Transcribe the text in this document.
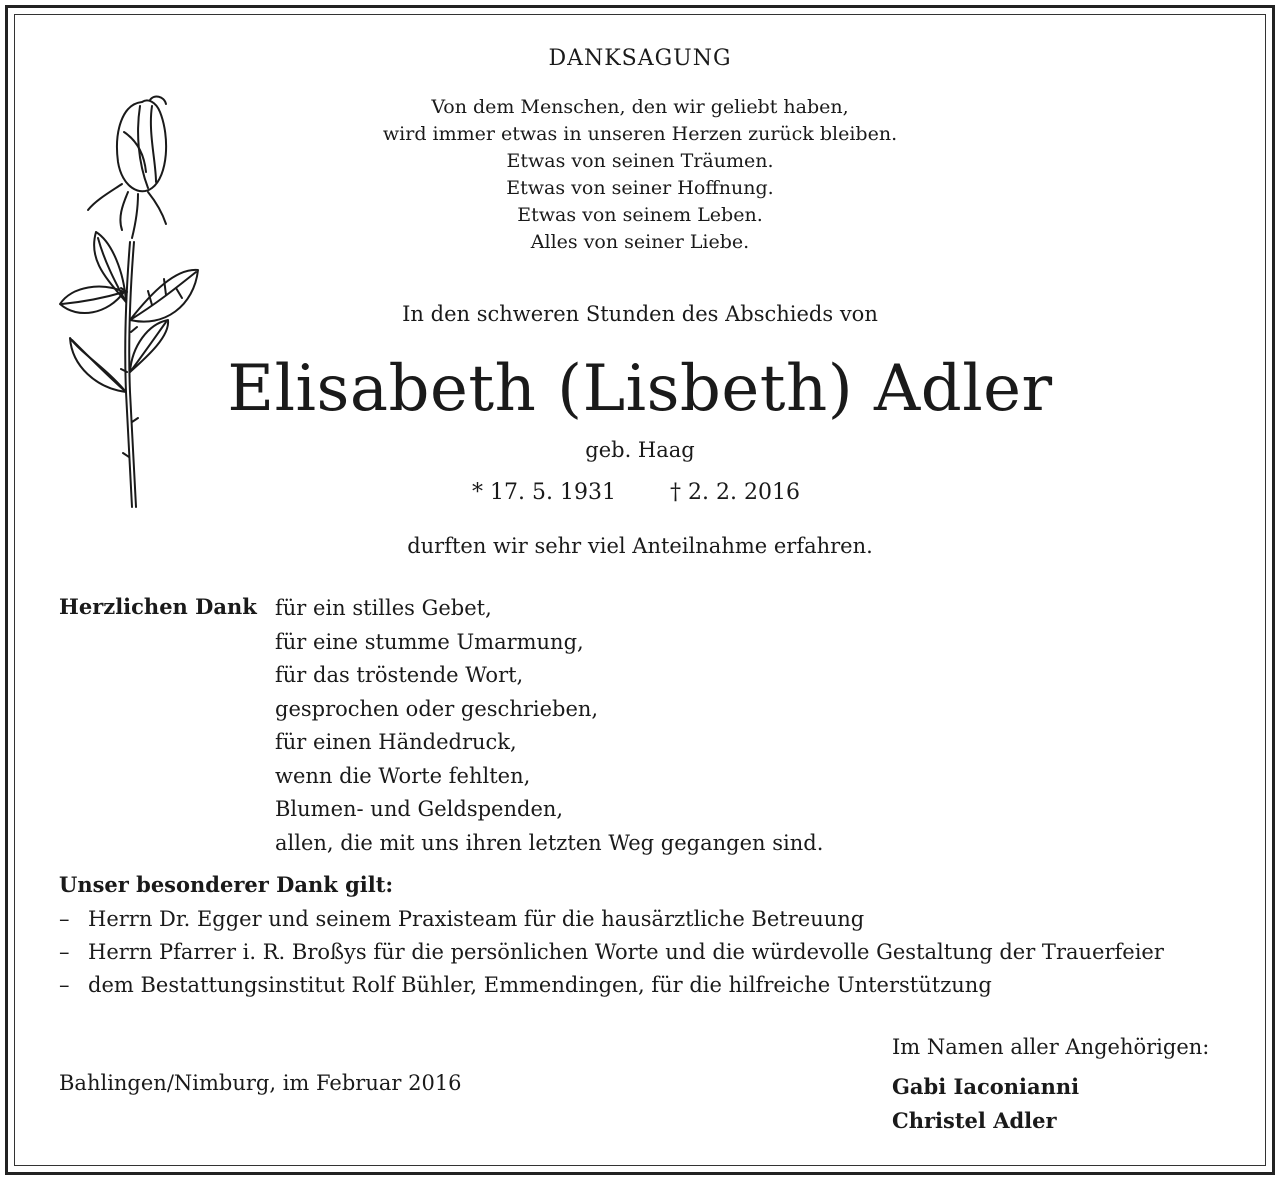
DANKSAGUNG
Von dem Menschen, den wir geliebt haben,
wird immer etwas in unseren Herzen zurück bleiben.
Etwas von seinen Träumen.
Etwas von seiner Hoffnung.
Etwas von seinem Leben.
Alles von seiner Liebe.
In den schweren Stunden des Abschieds von
Elisabeth (Lisbeth) Adler
geb. Haag
* 17. 5. 1931 † 2. 2. 2016
durften wir sehr viel Anteilnahme erfahren.
Herzlichen Dank für ein stilles Gebet,
für eine stumme Umarmung,
für das tröstende Wort,
gesprochen oder geschrieben,
für einen Händedruck,
wenn die Worte fehlten,
Blumen- und Geldspenden,
allen, die mit uns ihren letzten Weg gegangen sind.
Unser besonderer Dank gilt:
– Herrn Dr. Egger und seinem Praxisteam für die hausärztliche Betreuung
– Herrn Pfarrer i. R. Broßys für die persönlichen Worte und die würdevolle Gestaltung der Trauerfeier
– dem Bestattungsinstitut Rolf Bühler, Emmendingen, für die hilfreiche Unterstützung
Im Namen aller Angehörigen:
Bahlingen/Nimburg, im Februar 2016	Gabi Iaconianni
Christel Adler
